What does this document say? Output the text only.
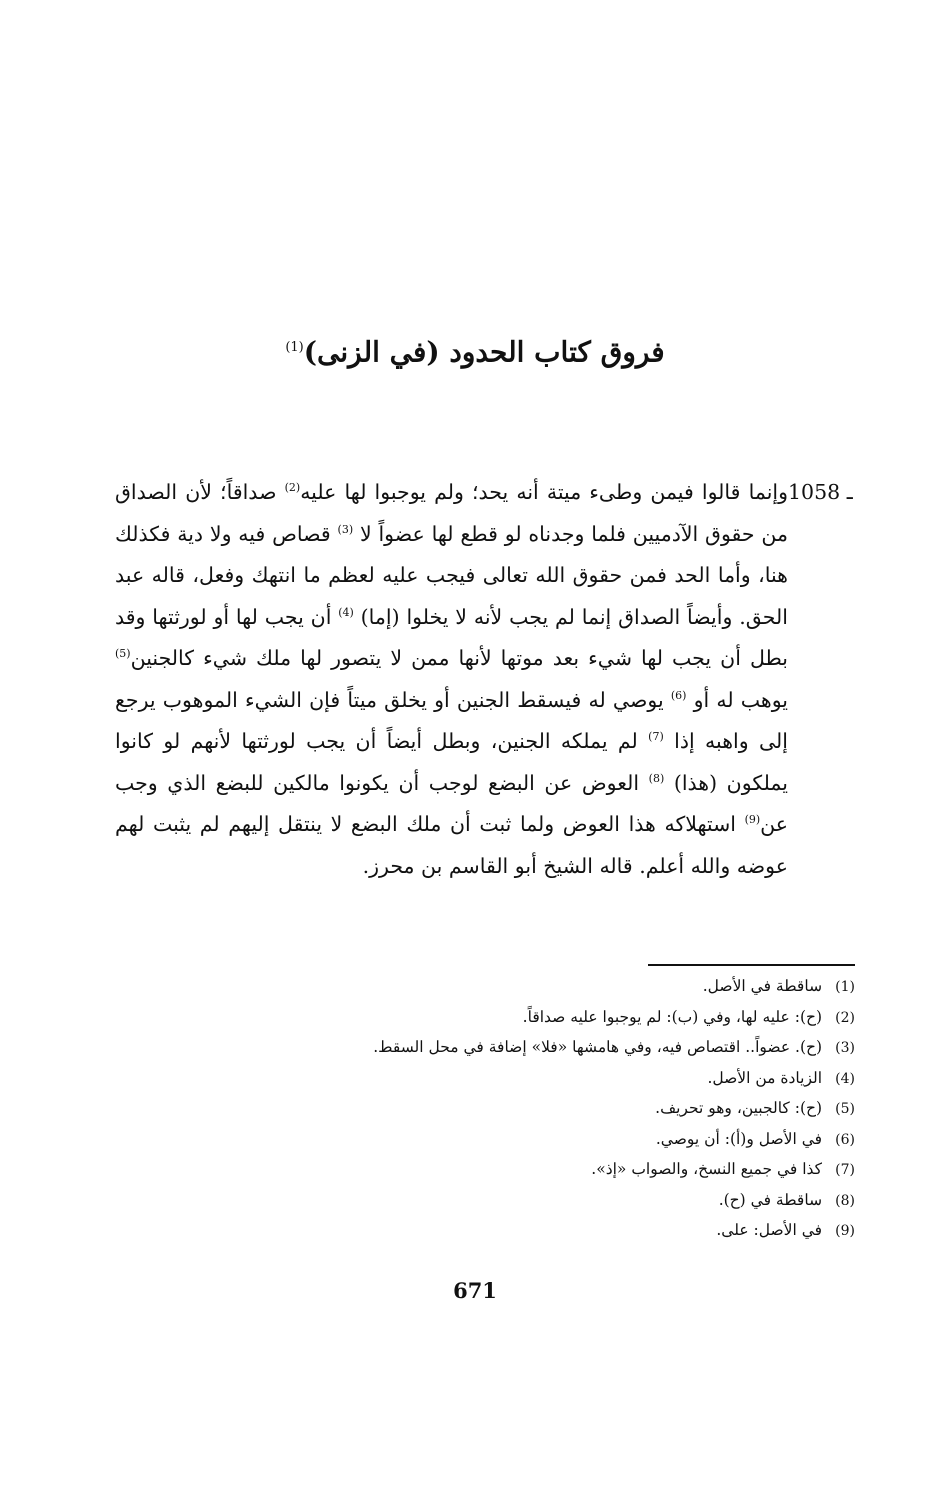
فروق كتاب الحدود (في الزنى)$^{(1)}$

1058 ـ
وإنما قالوا فيمن وطىء ميتة أنه يحد؛ ولم يوجبوا لها عليه$^{(2)}$ صداقاً؛ لأن الصداق من حقوق الآدميين فلما وجدناه لو قطع لها عضواً لا $^{(3)}$ قصاص فيه ولا دية فكذلك هنا، وأما الحد فمن حقوق الله تعالى فيجب عليه لعظم ما انتهك وفعل، قاله عبد الحق. وأيضاً الصداق إنما لم يجب لأنه لا يخلوا (إما) $^{(4)}$ أن يجب لها أو لورثتها وقد بطل أن يجب لها شيء بعد موتها لأنها ممن لا يتصور لها ملك شيء كالجنين$^{(5)}$ يوهب له أو $^{(6)}$ يوصي له فيسقط الجنين أو يخلق ميتاً فإن الشيء الموهوب يرجع إلى واهبه إذا $^{(7)}$ لم يملكه الجنين، وبطل أيضاً أن يجب لورثتها لأنهم لو كانوا يملكون (هذا) $^{(8)}$ العوض عن البضع لوجب أن يكونوا مالكين للبضع الذي وجب عن$^{(9)}$ استهلاكه هذا العوض ولما ثبت أن ملك البضع لا ينتقل إليهم لم يثبت لهم عوضه والله أعلم. قاله الشيخ أبو القاسم بن محرز.

(1) ساقطة في الأصل.
(2) (ح): عليه لها، وفي (ب): لم يوجبوا عليه صداقاً.
(3) (ح). عضواً.. اقتصاص فيه، وفي هامشها «فلا» إضافة في محل السقط.
(4) الزيادة من الأصل.
(5) (ح): كالجبين، وهو تحريف.
(6) في الأصل و(أ): أن يوصي.
(7) كذا في جميع النسخ، والصواب «إذ».
(8) ساقطة في (ح).
(9) في الأصل: على.
671
